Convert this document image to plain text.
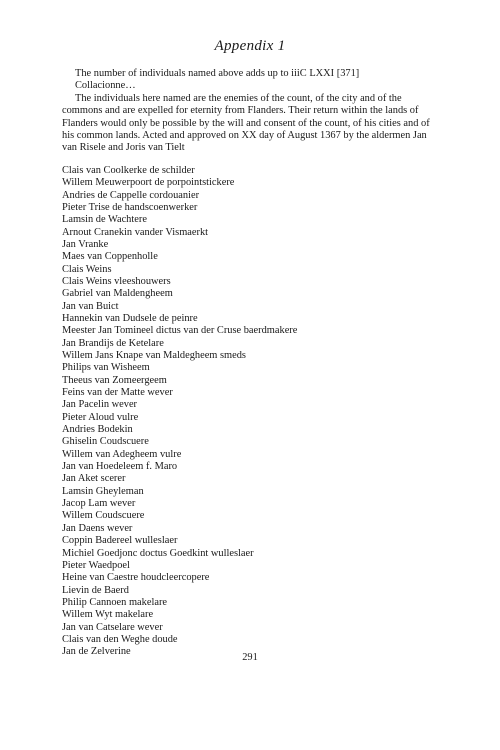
Appendix 1

The number of individuals named above adds up to iiiC LXXI [371]

Collacionne…

The individuals here named are the enemies of the count, of the city and of the commons and are expelled for eternity from Flanders. Their return within the lands of Flanders would only be possible by the will and consent of the count, of his cities and of his common lands. Acted and approved on XX day of August 1367 by the aldermen Jan van Risele and Joris van Tielt

Clais van Coolkerke de schilder
Willem Meuwerpoort de porpointstickere
Andries de Cappelle cordouanier
Pieter Trise de handscoenwerker
Lamsin de Wachtere
Arnout Cranekin vander Vismaerkt
Jan Vranke
Maes van Coppenholle
Clais Weins
Clais Weins vleeshouwers
Gabriel van Maldengheem
Jan van Buict
Hannekin van Dudsele de peinre
Meester Jan Tomineel dictus van der Cruse baerdmakere
Jan Brandijs de Ketelare
Willem Jans Knape van Maldegheem smeds
Philips van Wisheem
Theeus van Zomeergeem
Feins van der Matte wever
Jan Pacelin wever
Pieter Aloud vulre
Andries Bodekin
Ghiselin Coudscuere
Willem van Adegheem vulre
Jan van Hoedeleem f. Maro
Jan Aket scerer
Lamsin Gheyleman
Jacop Lam wever
Willem Coudscuere
Jan Daens wever
Coppin Badereel wulleslaer
Michiel Goedjonc doctus Goedkint wulleslaer
Pieter Waedpoel
Heine van Caestre houdcleercopere
Lievin de Baerd
Philip Cannoen makelare
Willem Wyt makelare
Jan van Catselare wever
Clais van den Weghe doude
Jan de Zelverine
291
